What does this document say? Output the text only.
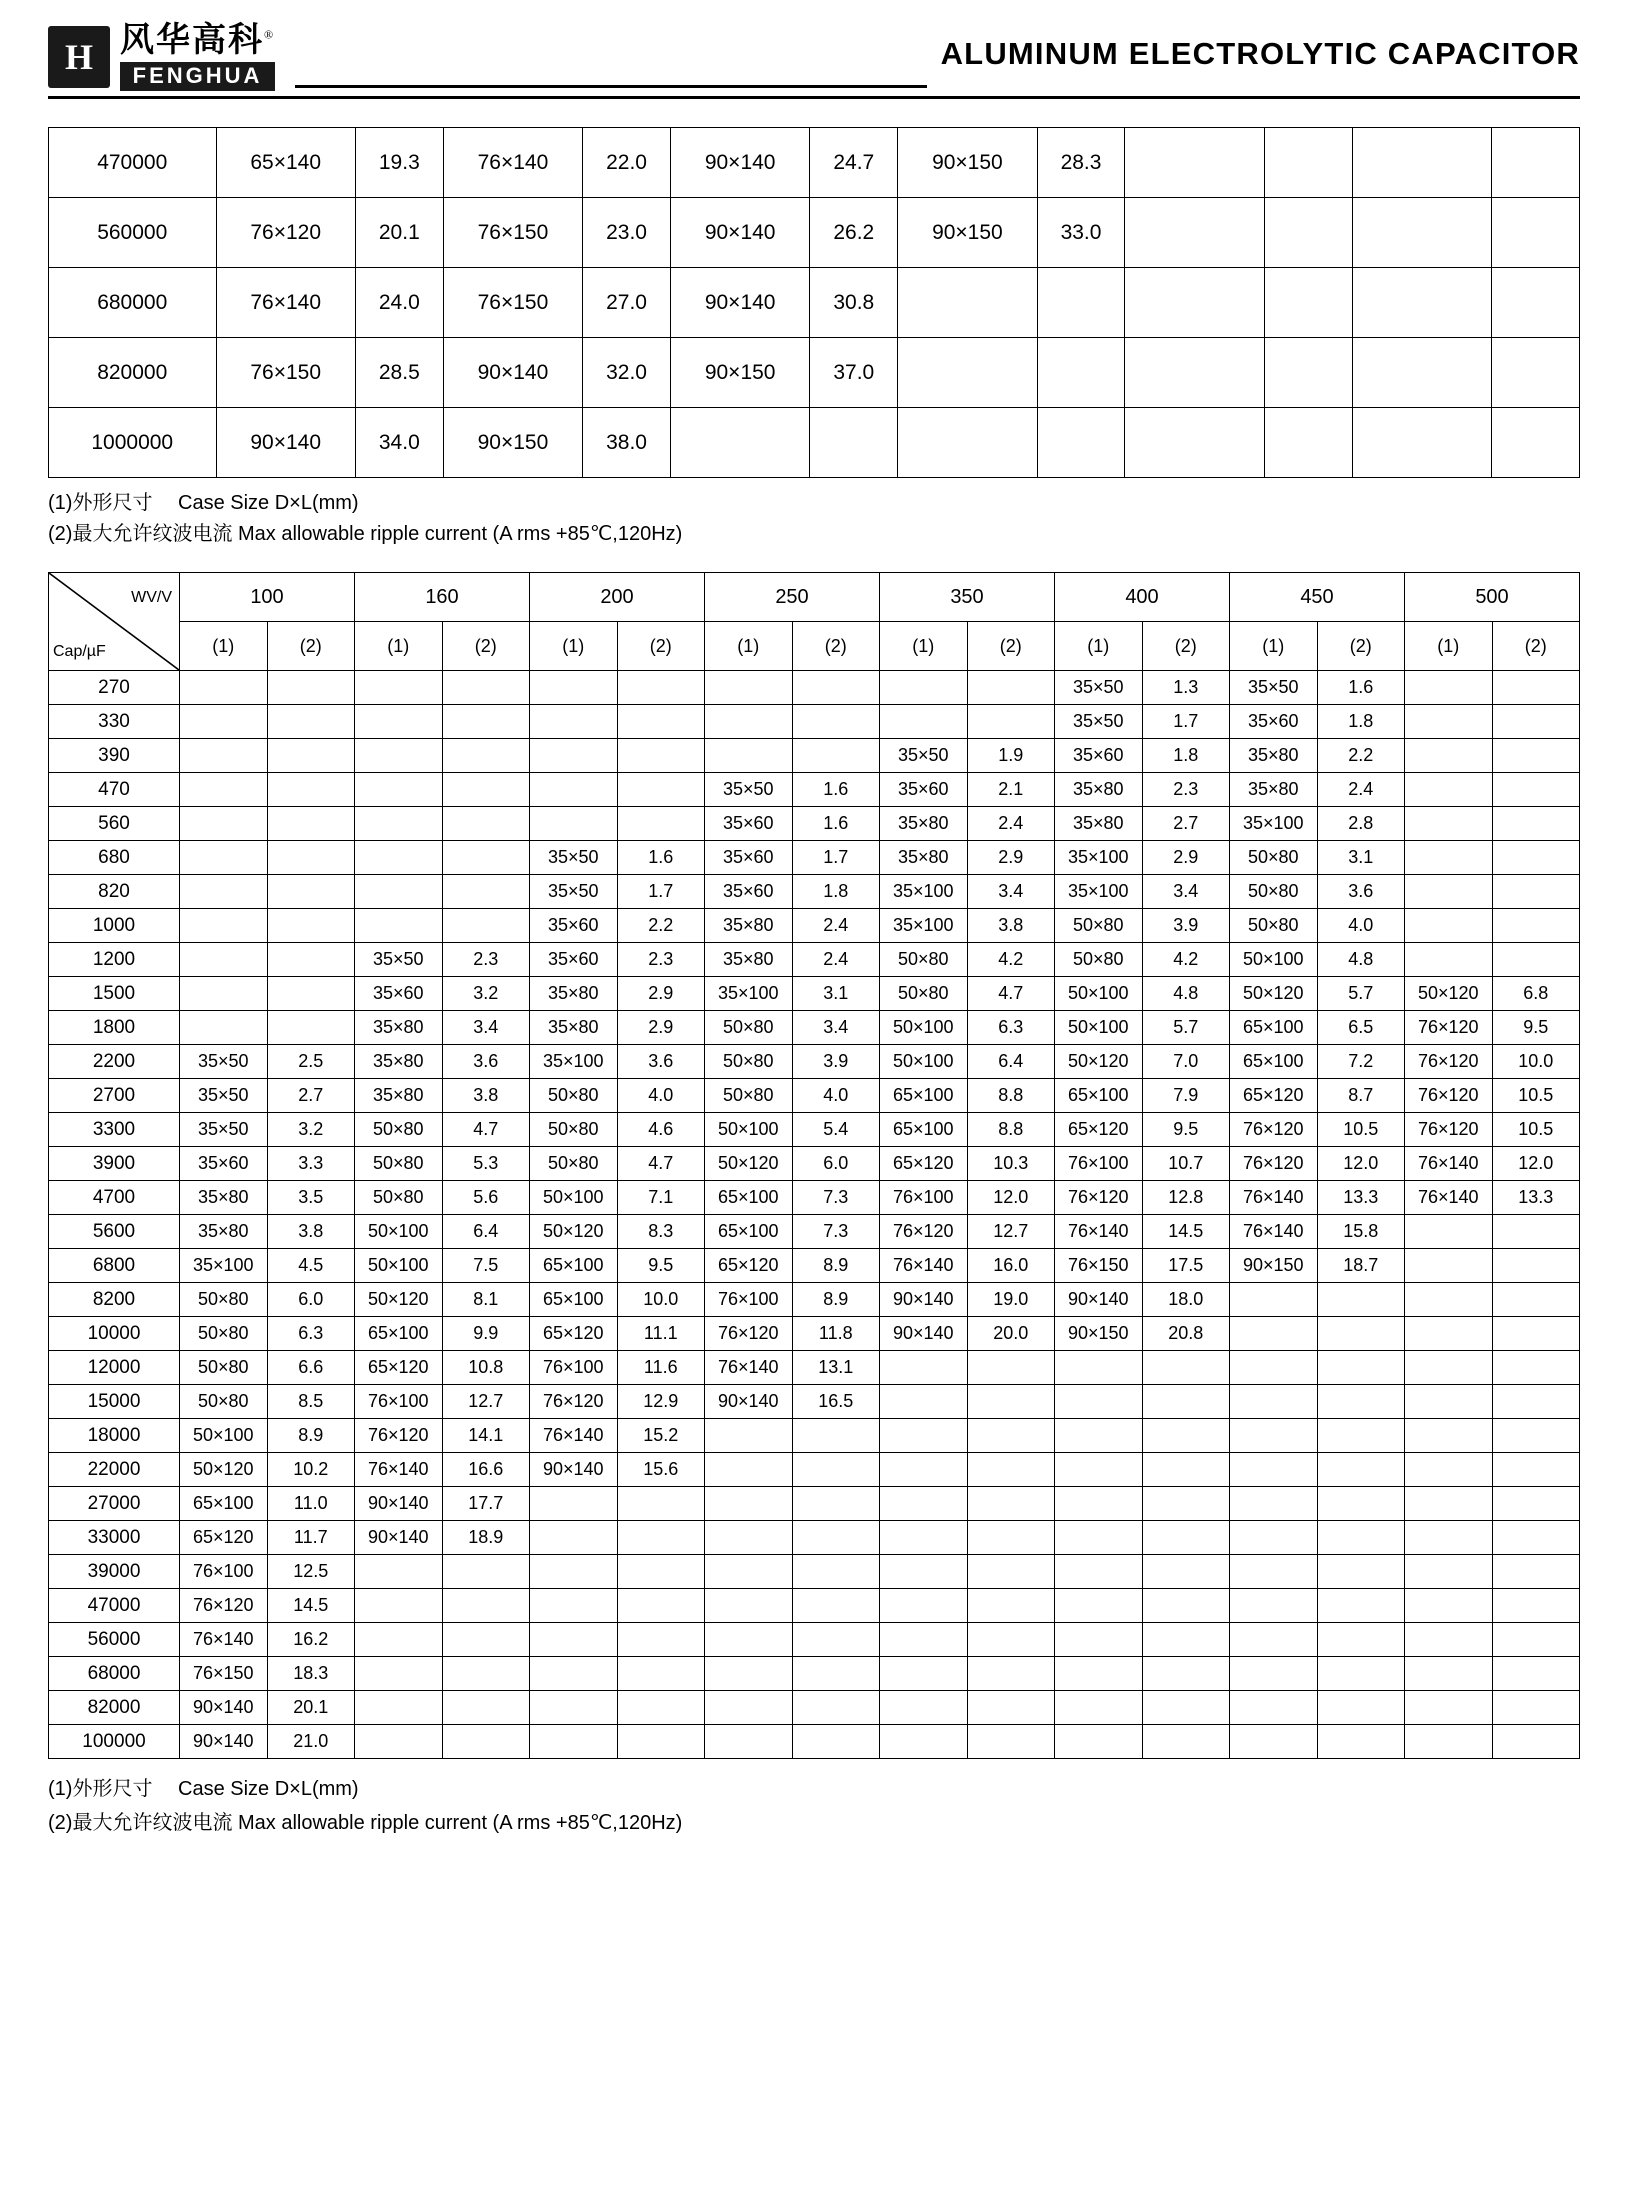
H 风华高科®
FENGHUA
ALUMINUM ELECTROLYTIC CAPACITOR
470000	65×140	19.3	76×140	22.0	90×140	24.7	90×150	28.3				
560000	76×120	20.1	76×150	23.0	90×140	26.2	90×150	33.0				
680000	76×140	24.0	76×150	27.0	90×140	30.8						
820000	76×150	28.5	90×140	32.0	90×150	37.0						
1000000	90×140	34.0	90×150	38.0								
(1)外形尺寸　 Case Size D×L(mm)
(2)最大允许纹波电流 Max allowable ripple current (A rms +85℃,120Hz)
WV/V
Cap/µF	100		160		200		250		350		400		450		500	
	(1)	(2)	(1)	(2)	(1)	(2)	(1)	(2)	(1)	(2)	(1)	(2)	(1)	(2)	(1)	(2)
270											35×50	1.3	35×50	1.6		
330											35×50	1.7	35×60	1.8		
390									35×50	1.9	35×60	1.8	35×80	2.2		
470							35×50	1.6	35×60	2.1	35×80	2.3	35×80	2.4		
560							35×60	1.6	35×80	2.4	35×80	2.7	35×100	2.8		
680					35×50	1.6	35×60	1.7	35×80	2.9	35×100	2.9	50×80	3.1		
820					35×50	1.7	35×60	1.8	35×100	3.4	35×100	3.4	50×80	3.6		
1000					35×60	2.2	35×80	2.4	35×100	3.8	50×80	3.9	50×80	4.0		
1200			35×50	2.3	35×60	2.3	35×80	2.4	50×80	4.2	50×80	4.2	50×100	4.8		
1500			35×60	3.2	35×80	2.9	35×100	3.1	50×80	4.7	50×100	4.8	50×120	5.7	50×120	6.8
1800			35×80	3.4	35×80	2.9	50×80	3.4	50×100	6.3	50×100	5.7	65×100	6.5	76×120	9.5
2200	35×50	2.5	35×80	3.6	35×100	3.6	50×80	3.9	50×100	6.4	50×120	7.0	65×100	7.2	76×120	10.0
2700	35×50	2.7	35×80	3.8	50×80	4.0	50×80	4.0	65×100	8.8	65×100	7.9	65×120	8.7	76×120	10.5
3300	35×50	3.2	50×80	4.7	50×80	4.6	50×100	5.4	65×100	8.8	65×120	9.5	76×120	10.5	76×120	10.5
3900	35×60	3.3	50×80	5.3	50×80	4.7	50×120	6.0	65×120	10.3	76×100	10.7	76×120	12.0	76×140	12.0
4700	35×80	3.5	50×80	5.6	50×100	7.1	65×100	7.3	76×100	12.0	76×120	12.8	76×140	13.3	76×140	13.3
5600	35×80	3.8	50×100	6.4	50×120	8.3	65×100	7.3	76×120	12.7	76×140	14.5	76×140	15.8		
6800	35×100	4.5	50×100	7.5	65×100	9.5	65×120	8.9	76×140	16.0	76×150	17.5	90×150	18.7		
8200	50×80	6.0	50×120	8.1	65×100	10.0	76×100	8.9	90×140	19.0	90×140	18.0				
10000	50×80	6.3	65×100	9.9	65×120	11.1	76×120	11.8	90×140	20.0	90×150	20.8				
12000	50×80	6.6	65×120	10.8	76×100	11.6	76×140	13.1								
15000	50×80	8.5	76×100	12.7	76×120	12.9	90×140	16.5								
18000	50×100	8.9	76×120	14.1	76×140	15.2										
22000	50×120	10.2	76×140	16.6	90×140	15.6										
27000	65×100	11.0	90×140	17.7												
33000	65×120	11.7	90×140	18.9												
39000	76×100	12.5														
47000	76×120	14.5														
56000	76×140	16.2														
68000	76×150	18.3														
82000	90×140	20.1														
100000	90×140	21.0														
(1)外形尺寸　 Case Size D×L(mm)
(2)最大允许纹波电流 Max allowable ripple current (A rms +85℃,120Hz)
